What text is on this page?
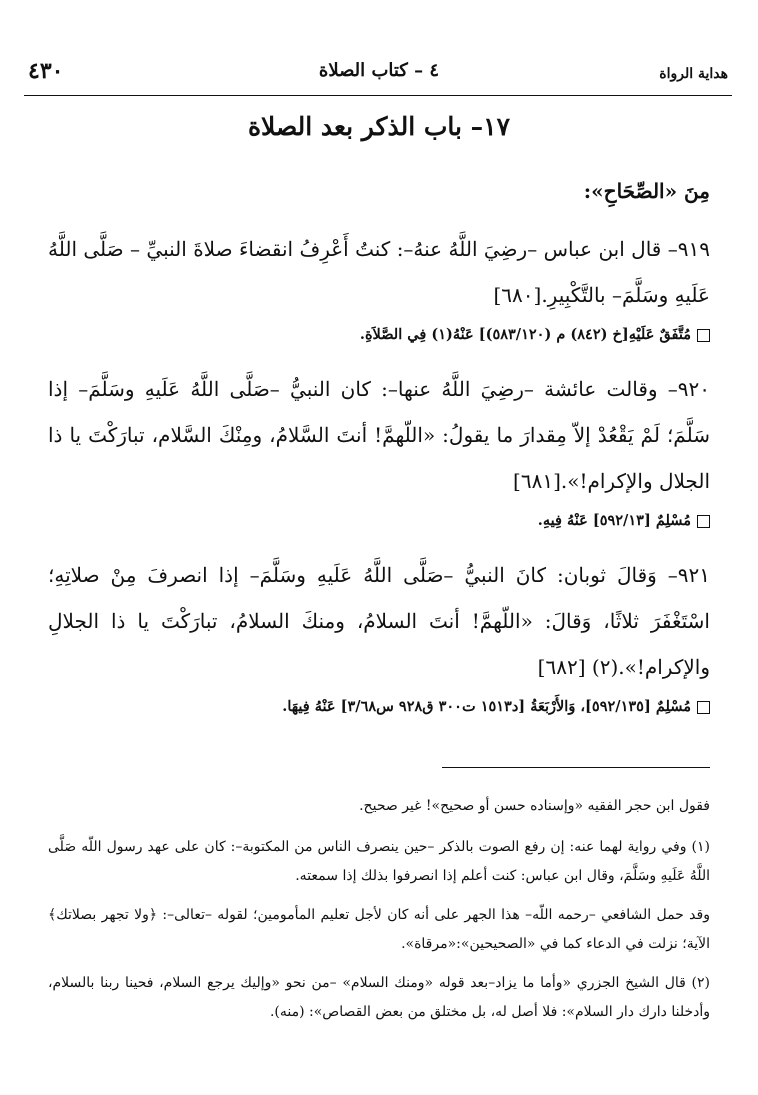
٤٣٠	٤ – كتاب الصلاة	هداية الرواة
١٧– باب الذكر بعد الصلاة

مِنَ «الصِّحَاحِ»:

٩١٩– قال ابن عباس –رضِيَ اللَّهُ عنهُ–: كنتُ أَعْرِفُ انقضاءَ صلاةَ النبيِّ – صَلَّى اللَّهُ عَلَيهِ وسَلَّمَ– بالتَّكْبِيرِ.[٦٨٠]

مُتَّفَقٌ عَلَيْهِ[خ (٨٤٢) م (٥٨٣/١٢٠)] عَنْهُ(١) فِي الصَّلاَةِ.

٩٢٠– وقالت عائشة –رضِيَ اللَّهُ عنها–: كان النبيُّ –صَلَّى اللَّهُ عَلَيهِ وسَلَّمَ– إذا سَلَّمَ؛ لَمْ يَقْعُدْ إلاّ مِقدارَ ما يقولُ: «اللّهمَّ! أنتَ السَّلامُ، ومِنْكَ السَّلام، تبارَكْتَ يا ذا الجلال والإكرام!».[٦٨١]

مُسْلِمٌ [٥٩٢/١٣] عَنْهُ فِيهِ.

٩٢١– وَقالَ ثوبان: كانَ النبيُّ –صَلَّى اللَّهُ عَلَيهِ وسَلَّمَ– إذا انصرفَ مِنْ صلاتِهِ؛ اسْتَغْفَرَ ثلاثًا، وَقالَ: «اللّهمَّ! أنتَ السلامُ، ومنكَ السلامُ، تبارَكْتَ يا ذا الجلالِ والإكرام!».(٢) [٦٨٢]

مُسْلِمٌ [٥٩٢/١٣٥]، وَالأَرْبَعَةُ [د١٥١٣ ت٣٠٠ ق٩٢٨ س٣/٦٨] عَنْهُ فِيهَا.

فقول ابن حجر الفقيه «وإسناده حسن أو صحيح»! غير صحيح.

(١) وفي رواية لهما عنه: إن رفع الصوت بالذكر –حين ينصرف الناس من المكتوبة–: كان على عهد رسول اللّه صَلَّى اللَّهُ عَلَيهِ وسَلَّمَ، وقال ابن عباس: كنت أعلم إذا انصرفوا بذلك إذا سمعته.

وقد حمل الشافعي –رحمه اللّه– هذا الجهر على أنه كان لأجل تعليم المأمومين؛ لقوله –تعالى–: ﴿ولا تجهر بصلاتك﴾ الآية؛ نزلت في الدعاء كما في «الصحيحين»:«مرقاة».

(٢) قال الشيخ الجزري «وأما ما يزاد–بعد قوله «ومنك السلام» –من نحو «وإليك يرجع السلام، فحينا ربنا بالسلام، وأدخلنا دارك دار السلام»: فلا أصل له، بل مختلق من بعض القصاص»: (منه).
